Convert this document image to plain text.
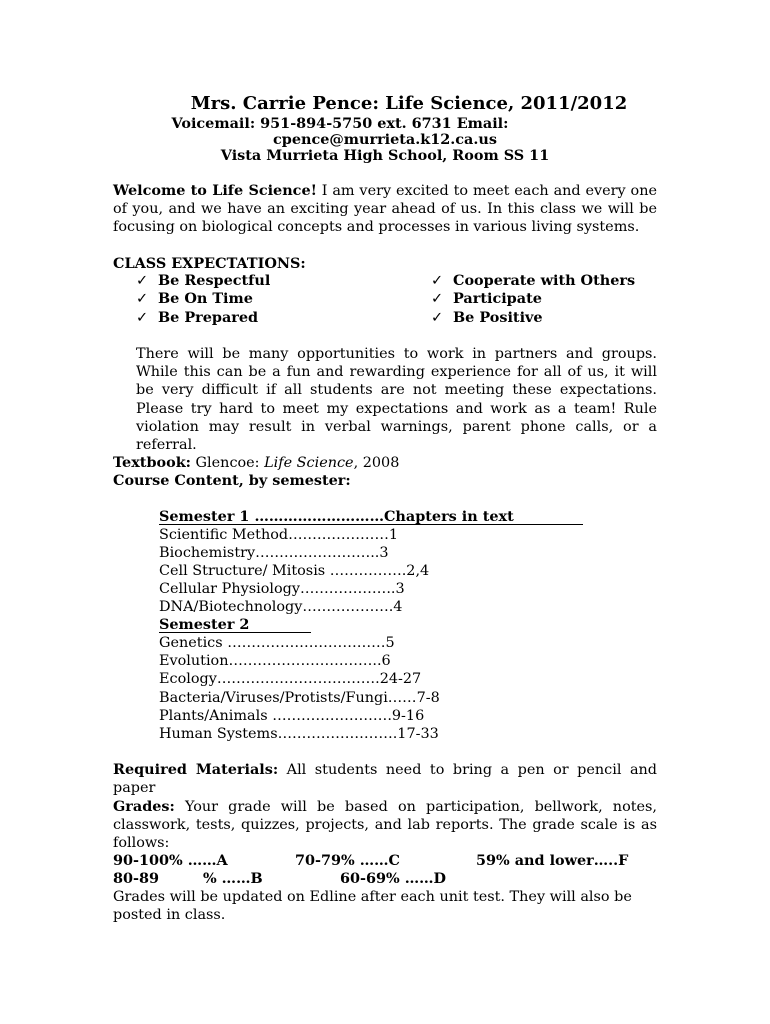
Mrs. Carrie Pence: Life Science, 2011/2012
Voicemail: 951-894-5750 ext. 6731 Email:
cpence@murrieta.k12.ca.us
Vista Murrieta High School, Room SS 11
Welcome to Life Science! I am very excited to meet each and every one of you, and we have an exciting year ahead of us. In this class we will be focusing on biological concepts and processes in various living systems.
CLASS EXPECTATIONS:
✓ Be Respectful
✓ Be On Time
✓ Be Prepared
✓ Cooperate with Others
✓ Participate
✓ Be Positive
There will be many opportunities to work in partners and groups. While this can be a fun and rewarding experience for all of us, it will be very difficult if all students are not meeting these expectations. Please try hard to meet my expectations and work as a team! Rule violation may result in verbal warnings, parent phone calls, or a referral.
Textbook: Glencoe: Life Science, 2008
Course Content, by semester:
Semester 1 ………………………Chapters in text
Scientific Method…………………1
Biochemistry……………………..3
Cell Structure/ Mitosis …………….2,4
Cellular Physiology………………..3
DNA/Biotechnology……………….4
Semester 2
Genetics ……………………………5
Evolution…………………………..6
Ecology…………………………….24-27
Bacteria/Viruses/Protists/Fungi……7-8
Plants/Animals …………………….9-16
Human Systems…………………….17-33
Required Materials: All students need to bring a pen or pencil and paper
Grades: Your grade will be based on participation, bellwork, notes, classwork, tests, quizzes, projects, and lab reports. The grade scale is as follows:
90-100% ……A	70-79% ……C	59% and lower…..F
80-89	% ……B	60-69% ……D
Grades will be updated on Edline after each unit test. They will also be posted in class.
